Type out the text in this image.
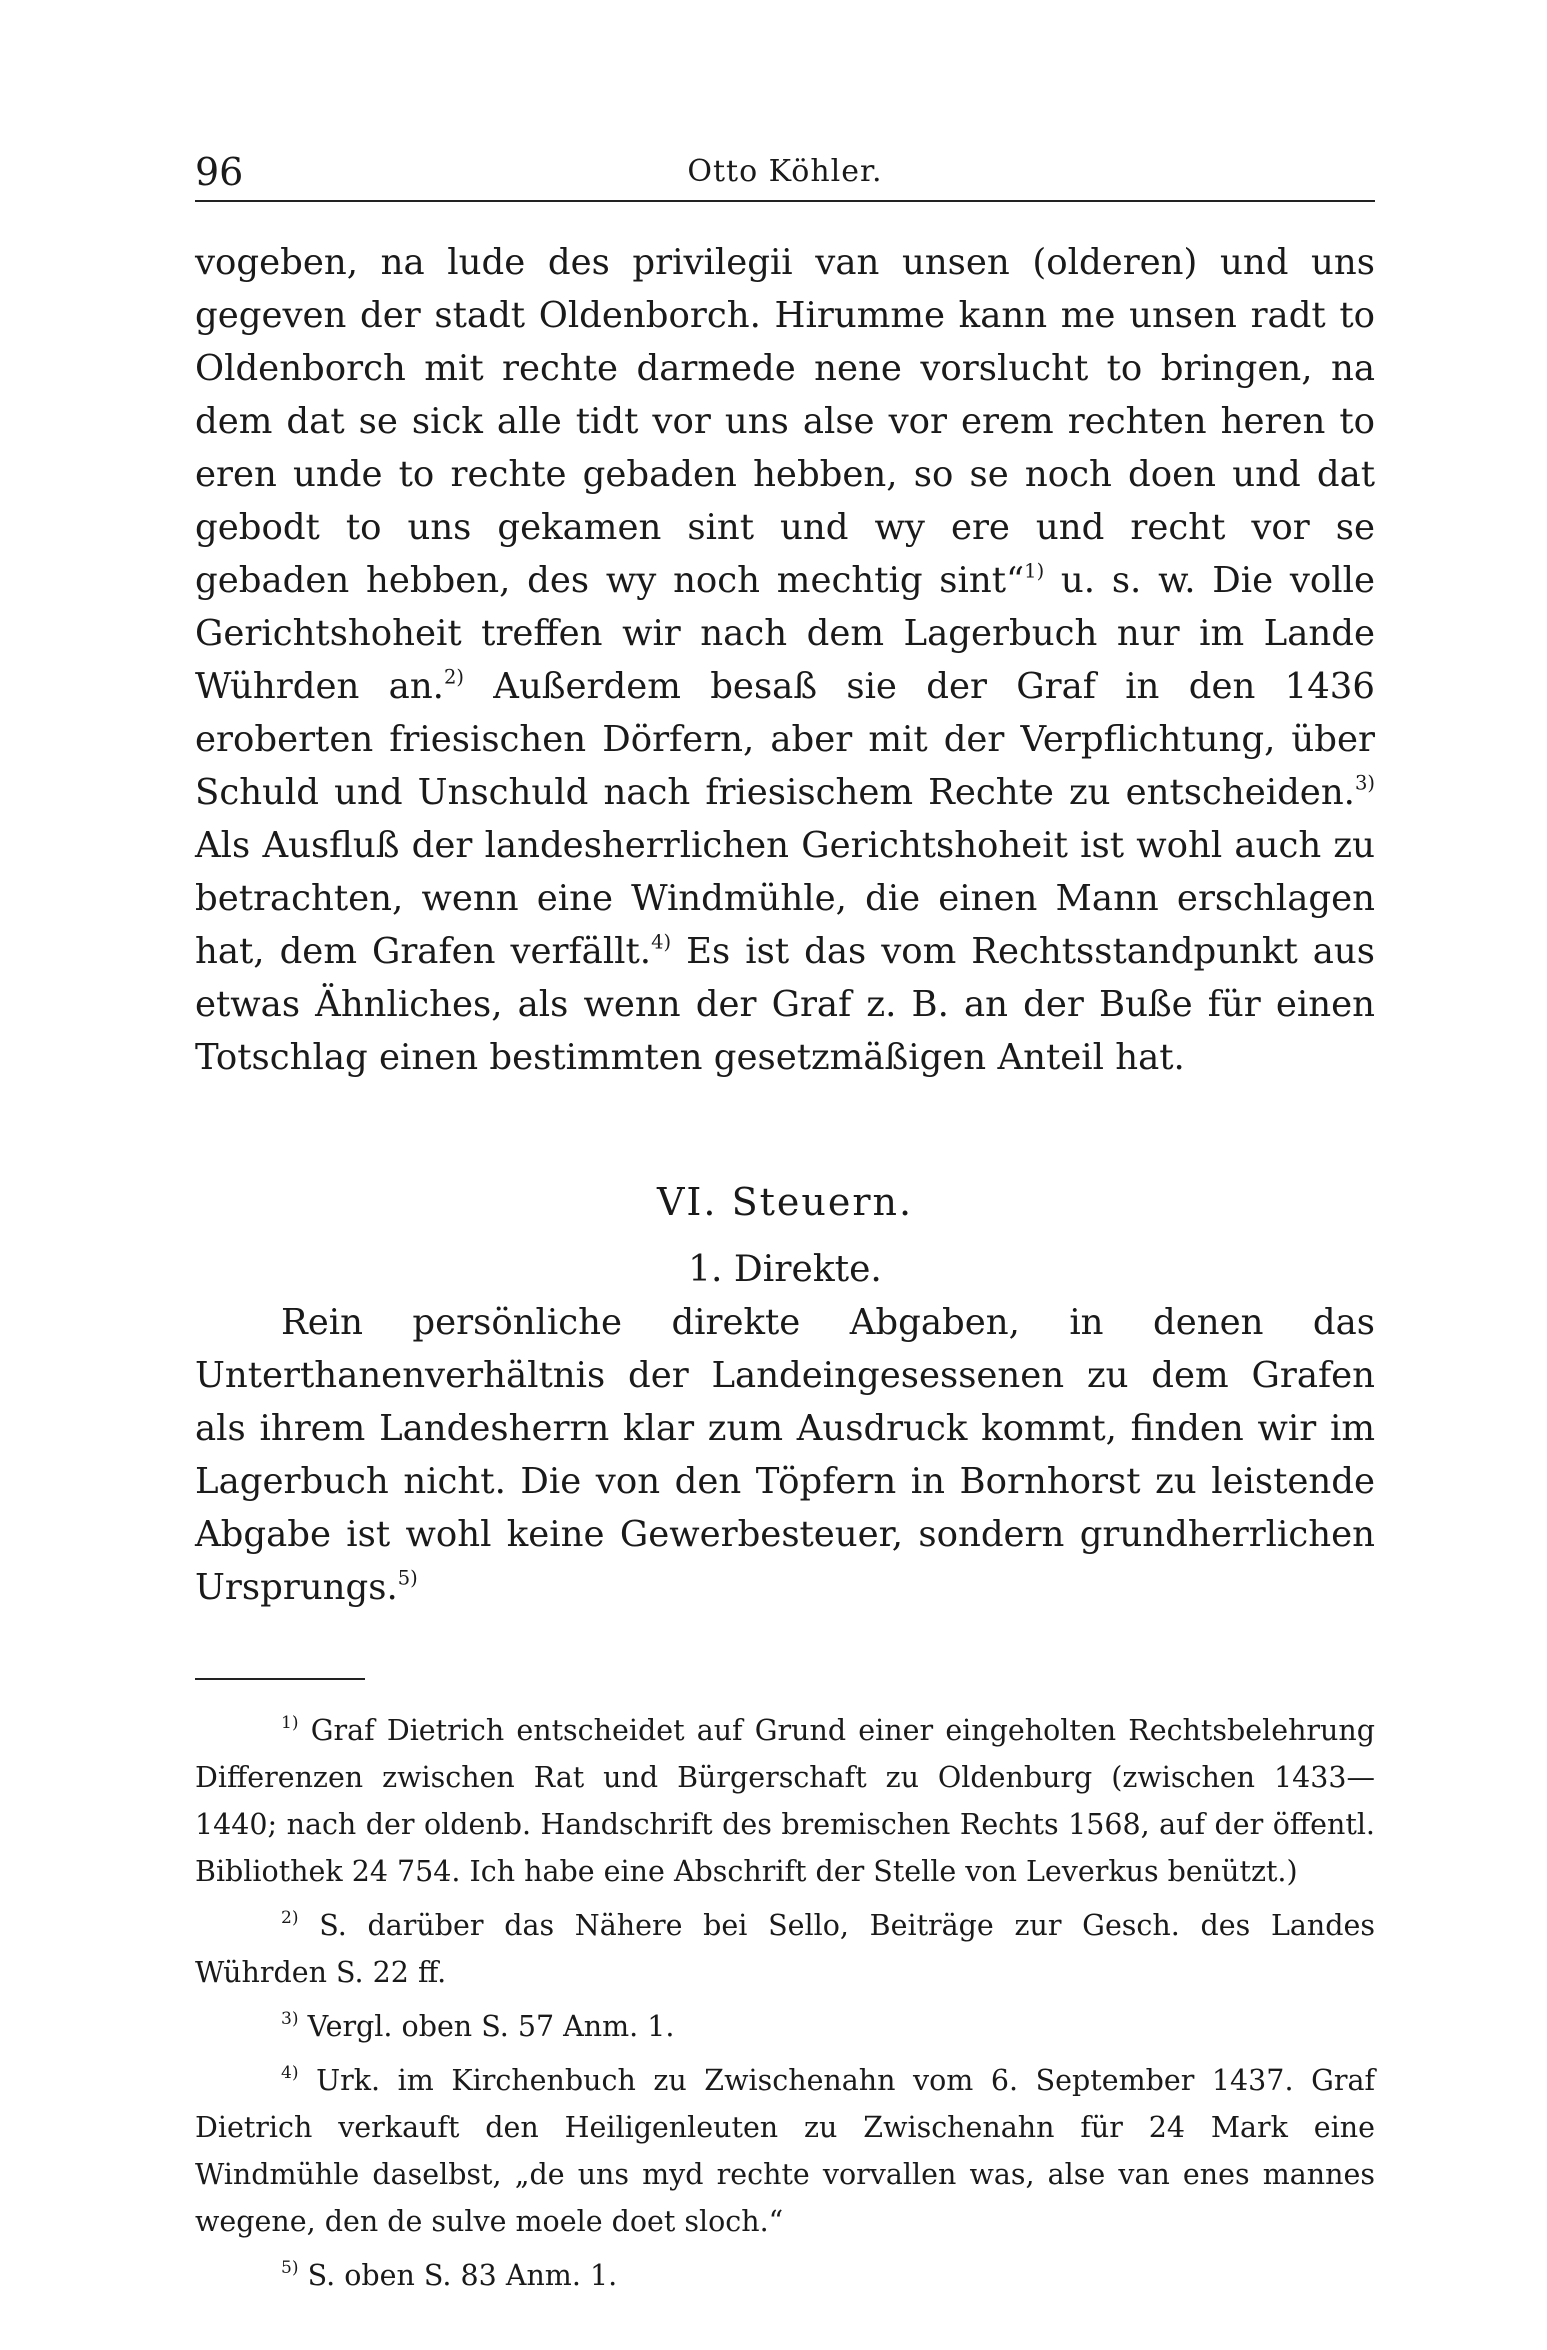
96	Otto Köhler.

vogeben, na lude des privilegii van unsen (olderen) und uns gegeven der stadt Oldenborch. Hirumme kann me unsen radt to Oldenborch mit rechte darmede nene vorsluсht to bringen, na dem dat se sick alle tidt vor uns alse vor erem rechten heren to eren unde to rechte gebaden hebben, so se noch doen und dat gebodt to uns gekamen sint und wy ere und recht vor se gebaden hebben, des wy noch mechtig sint“$^{1)}$ u. s. w. Die volle Gerichtshoheit treffen wir nach dem Lagerbuch nur im Lande Wührden an.$^{2)}$ Außerdem besaß sie der Graf in den 1436 eroberten friesischen Dörfern, aber mit der Verpflichtung, über Schuld und Unschuld nach friesischem Rechte zu entscheiden.$^{3)}$ Als Ausfluß der landesherrlichen Gerichtshoheit ist wohl auch zu betrachten, wenn eine Windmühle, die einen Mann erschlagen hat, dem Grafen verfällt.$^{4)}$ Es ist das vom Rechtsstandpunkt aus etwas Ähnliches, als wenn der Graf z. B. an der Buße für einen Totschlag einen bestimmten gesetzmäßigen Anteil hat.

VI. Steuern.
1. Direkte.

Rein persönliche direkte Abgaben, in denen das Unterthanenverhältnis der Landeingesessenen zu dem Grafen als ihrem Landesherrn klar zum Ausdruck kommt, finden wir im Lagerbuch nicht. Die von den Töpfern in Bornhorst zu leistende Abgabe ist wohl keine Gewerbesteuer, sondern grundherrlichen Ursprungs.$^{5)}$

$^{1)}$ Graf Dietrich entscheidet auf Grund einer eingeholten Rechtsbelehrung Differenzen zwischen Rat und Bürgerschaft zu Oldenburg (zwischen 1433—1440; nach der oldenb. Handschrift des bremischen Rechts 1568, auf der öffentl. Bibliothek 24 754. Ich habe eine Abschrift der Stelle von Leverkus benützt.)

$^{2)}$ S. darüber das Nähere bei Sello, Beiträge zur Gesch. des Landes Wührden S. 22 ff.

$^{3)}$ Vergl. oben S. 57 Anm. 1.

$^{4)}$ Urk. im Kirchenbuch zu Zwischenahn vom 6. September 1437. Graf Dietrich verkauft den Heiligenleuten zu Zwischenahn für 24 Mark eine Windmühle daselbst, „de uns myd rechte vorvallen was, alse van enes mannes wegene, den de sulve moele doet sloch.“

$^{5)}$ S. oben S. 83 Anm. 1.
